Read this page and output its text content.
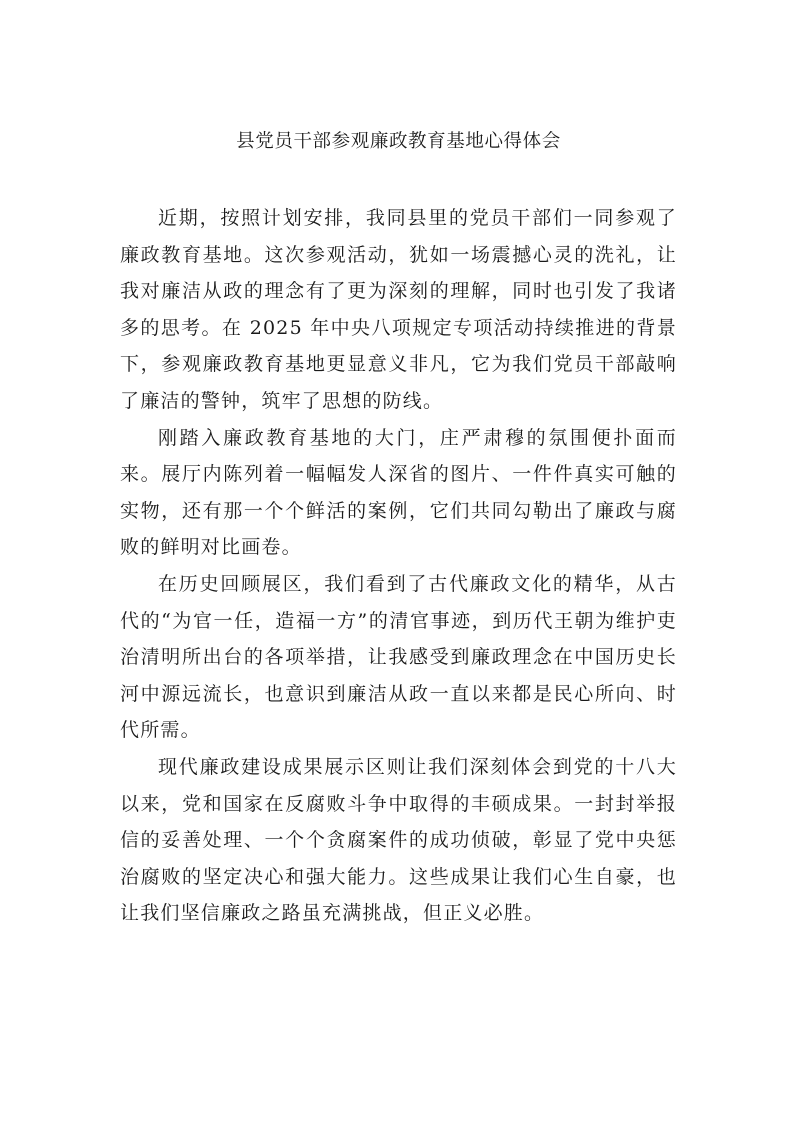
县党员干部参观廉政教育基地心得体会

近期，按照计划安排，我同县里的党员干部们一同参观了廉政教育基地。这次参观活动，犹如一场震撼心灵的洗礼，让我对廉洁从政的理念有了更为深刻的理解，同时也引发了我诸多的思考。在 2025 年中央八项规定专项活动持续推进的背景下，参观廉政教育基地更显意义非凡，它为我们党员干部敲响了廉洁的警钟，筑牢了思想的防线。

刚踏入廉政教育基地的大门，庄严肃穆的氛围便扑面而来。展厅内陈列着一幅幅发人深省的图片、一件件真实可触的实物，还有那一个个鲜活的案例，它们共同勾勒出了廉政与腐败的鲜明对比画卷。

在历史回顾展区，我们看到了古代廉政文化的精华，从古代的“为官一任，造福一方”的清官事迹，到历代王朝为维护吏治清明所出台的各项举措，让我感受到廉政理念在中国历史长河中源远流长，也意识到廉洁从政一直以来都是民心所向、时代所需。

现代廉政建设成果展示区则让我们深刻体会到党的十八大以来，党和国家在反腐败斗争中取得的丰硕成果。一封封举报信的妥善处理、一个个贪腐案件的成功侦破，彰显了党中央惩治腐败的坚定决心和强大能力。这些成果让我们心生自豪，也让我们坚信廉政之路虽充满挑战，但正义必胜。
